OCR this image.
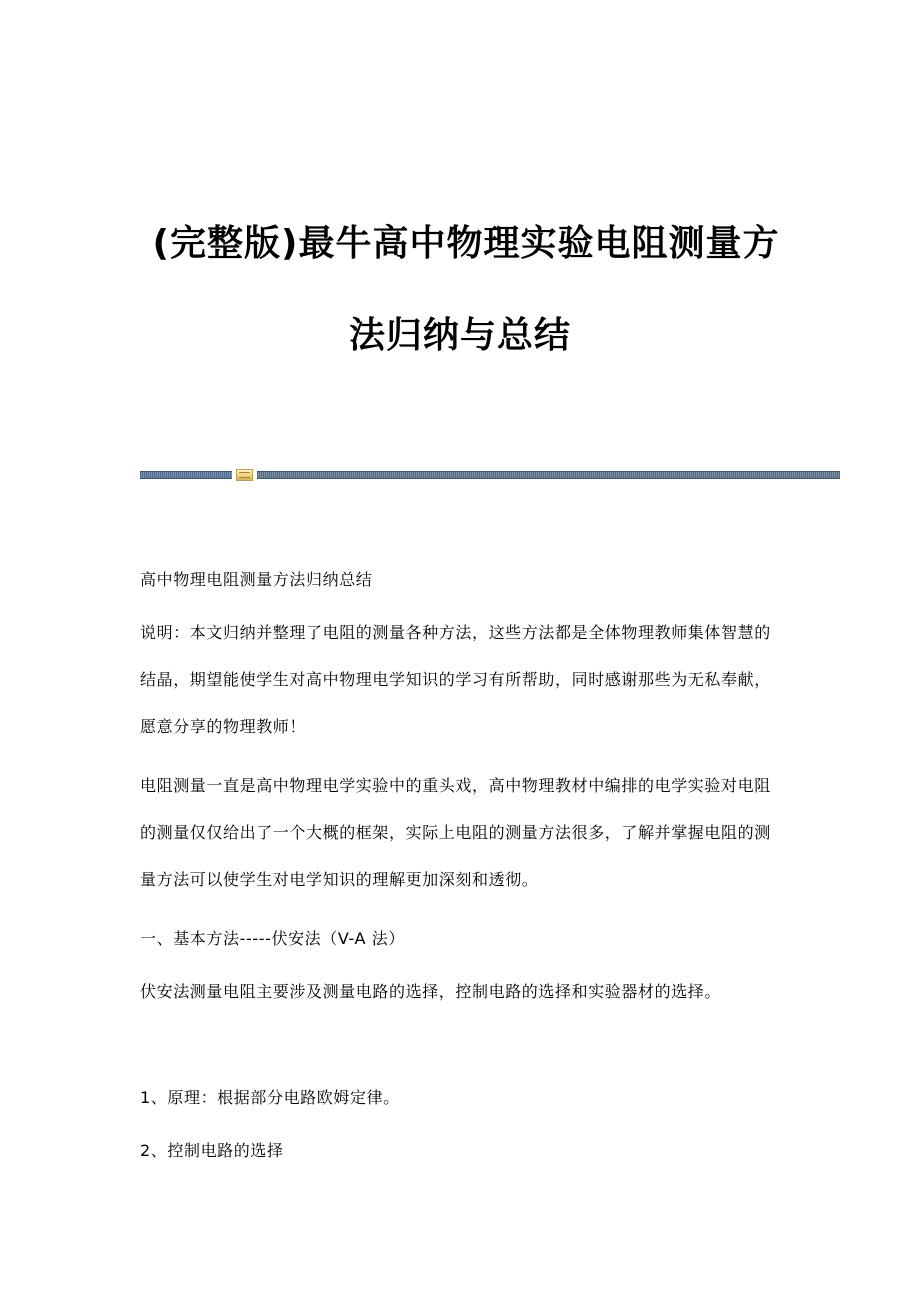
(完整版)最牛高中物理实验电阻测量方
法归纳与总结

高中物理电阻测量方法归纳总结

说明：本文归纳并整理了电阻的测量各种方法，这些方法都是全体物理教师集体智慧的结晶，期望能使学生对高中物理电学知识的学习有所帮助，同时感谢那些为无私奉献，愿意分享的物理教师！

电阻测量一直是高中物理电学实验中的重头戏，高中物理教材中编排的电学实验对电阻的测量仅仅给出了一个大概的框架，实际上电阻的测量方法很多，了解并掌握电阻的测量方法可以使学生对电学知识的理解更加深刻和透彻。

一、基本方法-----伏安法（V-A 法）

伏安法测量电阻主要涉及测量电路的选择，控制电路的选择和实验器材的选择。

1、原理：根据部分电路欧姆定律。

2、控制电路的选择
